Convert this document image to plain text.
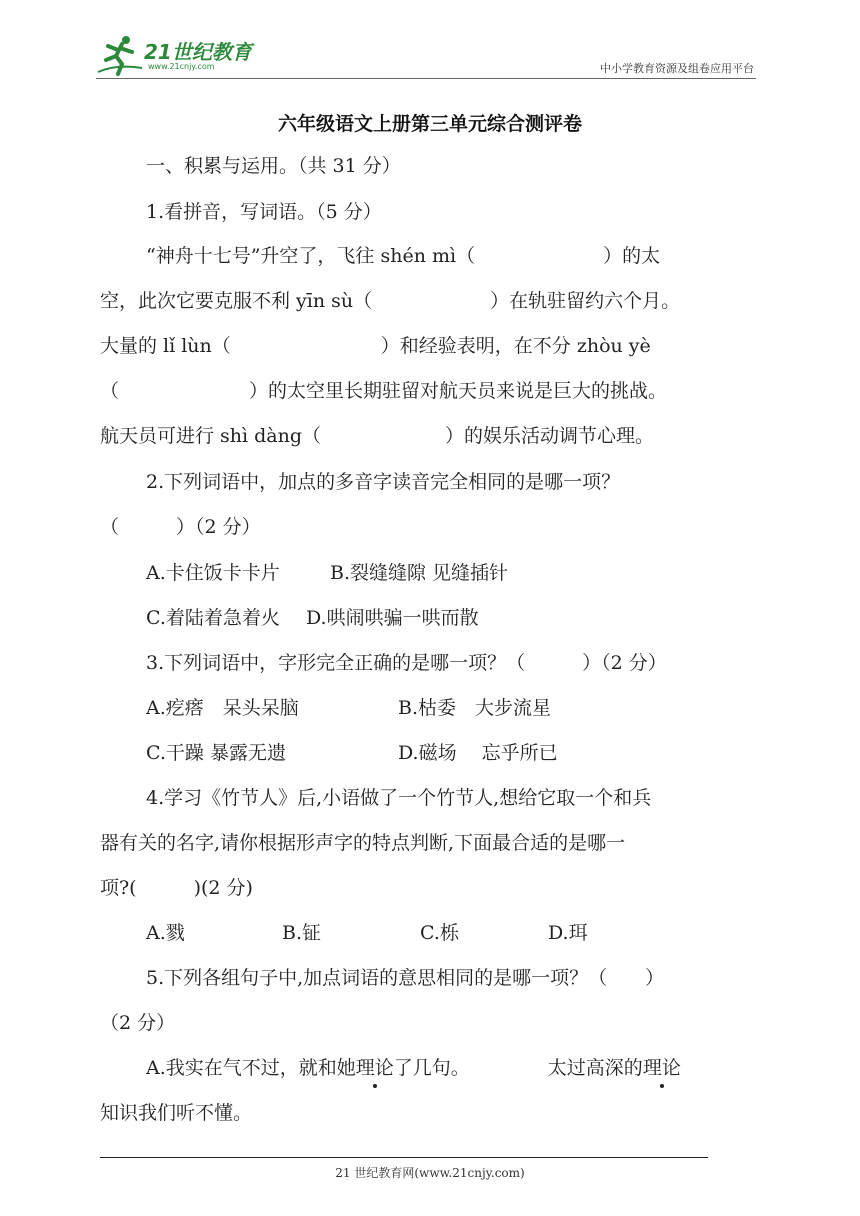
21世纪教育
www.21cnjy.com	中小学教育资源及组卷应用平台
六年级语文上册第三单元综合测评卷
一、积累与运用。（共 31 分）
1.看拼音，写词语。（5 分）
“神舟十七号”升空了，飞往 shén mì（	）的太
空，此次它要克服不利 yīn sù（	）在轨驻留约六个月。
大量的 lǐ lùn（	）和经验表明，在不分 zhòu yè
（	）的太空里长期驻留对航天员来说是巨大的挑战。
航天员可进行 shì dàng（	）的娱乐活动调节心理。
2.下列词语中，加点的多音字读音完全相同的是哪一项？
（　　　）（2 分）
A.卡住饭卡卡片	B.裂缝缝隙 见缝插针
C.着陆着急着火 D.哄闹哄骗一哄而散
3.下列词语中，字形完全正确的是哪一项？（　　　）（2 分）
A.疙瘩　呆头呆脑	B.枯委　大步流星
C.干躁 暴露无遗	D.磁场　 忘乎所已
4.学习《竹节人》后,小语做了一个竹节人,想给它取一个和兵
器有关的名字,请你根据形声字的特点判断,下面最合适的是哪一
项?(　　　)(2 分)
A.戮	B.钲	C.栎	D.珥
5.下列各组句子中,加点词语的意思相同的是哪一项？（　　）
（2 分）
A.我实在气不过，就和她理论了几句。	太过高深的理论
知识我们听不懂。
21 世纪教育网(www.21cnjy.com)
